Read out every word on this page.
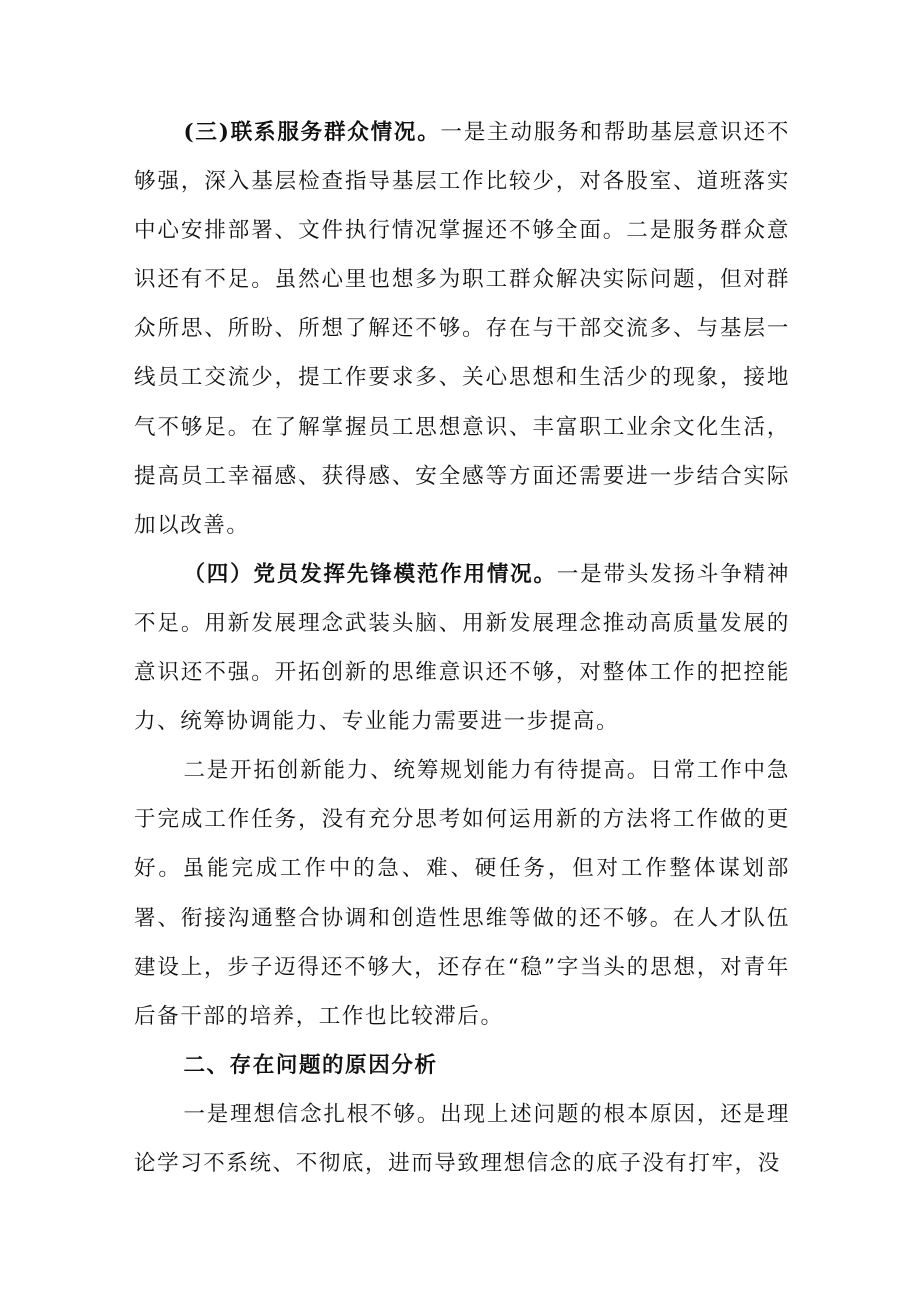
(三)联系服务群众情况。一是主动服务和帮助基层意识还不够强，深入基层检查指导基层工作比较少，对各股室、道班落实中心安排部署、文件执行情况掌握还不够全面。二是服务群众意识还有不足。虽然心里也想多为职工群众解决实际问题，但对群众所思、所盼、所想了解还不够。存在与干部交流多、与基层一线员工交流少，提工作要求多、关心思想和生活少的现象，接地气不够足。在了解掌握员工思想意识、丰富职工业余文化生活，提高员工幸福感、获得感、安全感等方面还需要进一步结合实际加以改善。

（四）党员发挥先锋模范作用情况。一是带头发扬斗争精神不足。用新发展理念武装头脑、用新发展理念推动高质量发展的意识还不强。开拓创新的思维意识还不够，对整体工作的把控能力、统筹协调能力、专业能力需要进一步提高。

二是开拓创新能力、统筹规划能力有待提高。日常工作中急于完成工作任务，没有充分思考如何运用新的方法将工作做的更好。虽能完成工作中的急、难、硬任务，但对工作整体谋划部署、衔接沟通整合协调和创造性思维等做的还不够。在人才队伍建设上，步子迈得还不够大，还存在“稳”字当头的思想，对青年后备干部的培养，工作也比较滞后。

二、存在问题的原因分析

一是理想信念扎根不够。出现上述问题的根本原因，还是理论学习不系统、不彻底，进而导致理想信念的底子没有打牢，没
